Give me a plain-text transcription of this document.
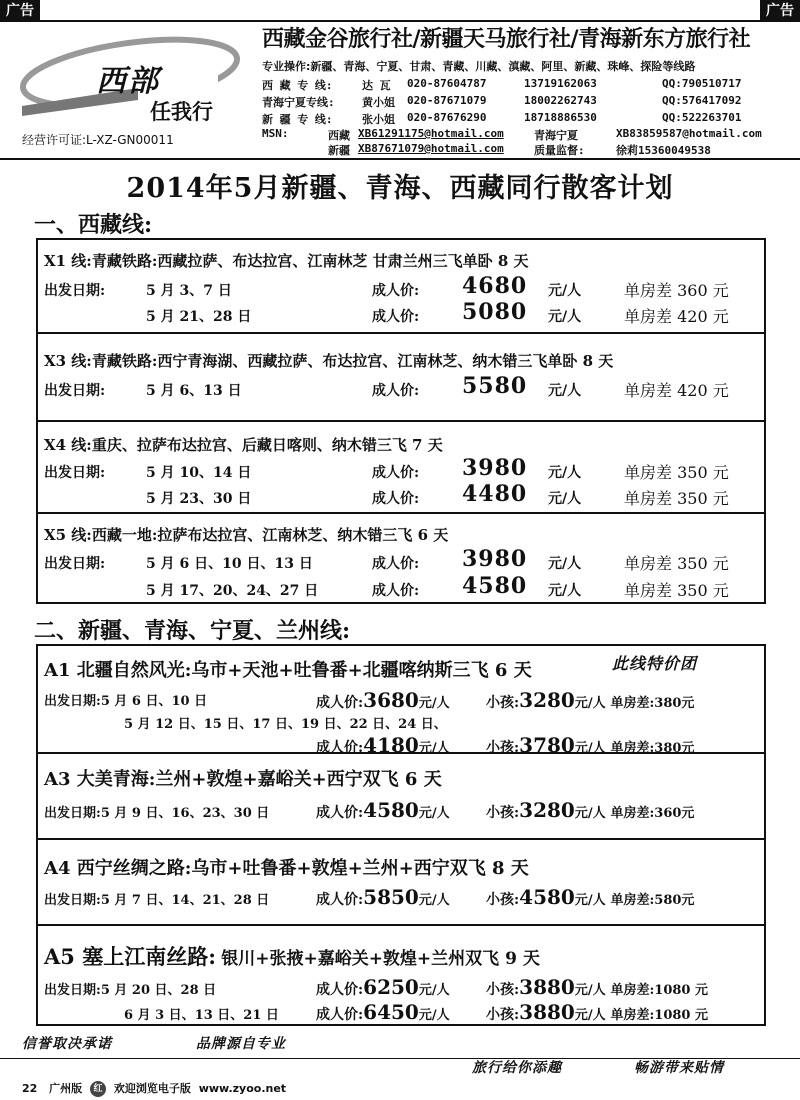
广告	广告
西部
任我行
经营许可证:L-XZ-GN00011
西藏金谷旅行社/新疆天马旅行社/青海新东方旅行社
专业操作:新疆、青海、宁夏、甘肃、青藏、川藏、滇藏、阿里、新藏、珠峰、探险等线路
西 藏 专 线:	达 瓦 020-87604787	13719162063	QQ:790510717
青海宁夏专线: 黄小姐 020-87671079	18002262743	QQ:576417092
新 疆 专 线:	张小姐 020-87676290	18718886530	QQ:522263701
MSN:	西藏 XB61291175@hotmail.com	青海宁夏	XB83859587@hotmail.com
新疆 XB87671079@hotmail.com	质量监督:	徐莉15360049538
2014年5月新疆、青海、西藏同行散客计划
一、西藏线:
X1 线:青藏铁路:西藏拉萨、布达拉宫、江南林芝 甘肃兰州三飞单卧 8 天
出发日期:	5 月 3、7 日	成人价: 4680 元/人	单房差 360 元
5 月 21、28 日	成人价: 5080 元/人	单房差 420 元
X3 线:青藏铁路:西宁青海湖、西藏拉萨、布达拉宫、江南林芝、纳木错三飞单卧 8 天
出发日期:	5 月 6、13 日	成人价: 5580 元/人	单房差 420 元
X4 线:重庆、拉萨布达拉宫、后藏日喀则、纳木错三飞 7 天
出发日期:	5 月 10、14 日	成人价: 3980 元/人	单房差 350 元
5 月 23、30 日	成人价: 4480 元/人	单房差 350 元
X5 线:西藏一地:拉萨布达拉宫、江南林芝、纳木错三飞 6 天
出发日期:	5 月 6 日、10 日、13 日	成人价: 3980 元/人	单房差 350 元
5 月 17、20、24、27 日	成人价: 4580 元/人	单房差 350 元
二、新疆、青海、宁夏、兰州线:
此线特价团
A1 北疆自然风光:乌市+天池+吐鲁番+北疆喀纳斯三飞 6 天
出发日期:5 月 6 日、10 日	成人价:3680元/人	小孩:3280元/人 单房差:380元
5 月 12 日、15 日、17 日、19 日、22 日、24 日、
成人价:4180元/人	小孩:3780元/人 单房差:380元
A3 大美青海:兰州+敦煌+嘉峪关+西宁双飞 6 天
出发日期:5 月 9 日、16、23、30 日	成人价:4580元/人	小孩:3280元/人 单房差:360元
A4 西宁丝绸之路:乌市+吐鲁番+敦煌+兰州+西宁双飞 8 天
出发日期:5 月 7 日、14、21、28 日	成人价:5850元/人	小孩:4580元/人 单房差:580元
A5 塞上江南丝路: 银川+张掖+嘉峪关+敦煌+兰州双飞 9 天
出发日期:5 月 20 日、28 日	成人价:6250元/人	小孩:3880元/人 单房差:1080 元
6 月 3 日、13 日、21 日	成人价:6450元/人	小孩:3880元/人 单房差:1080 元
信誉取决承诺	品牌源自专业
旅行给你添趣	畅游带来贴情
22 广州版 红 欢迎浏览电子版 www.zyoo.net
